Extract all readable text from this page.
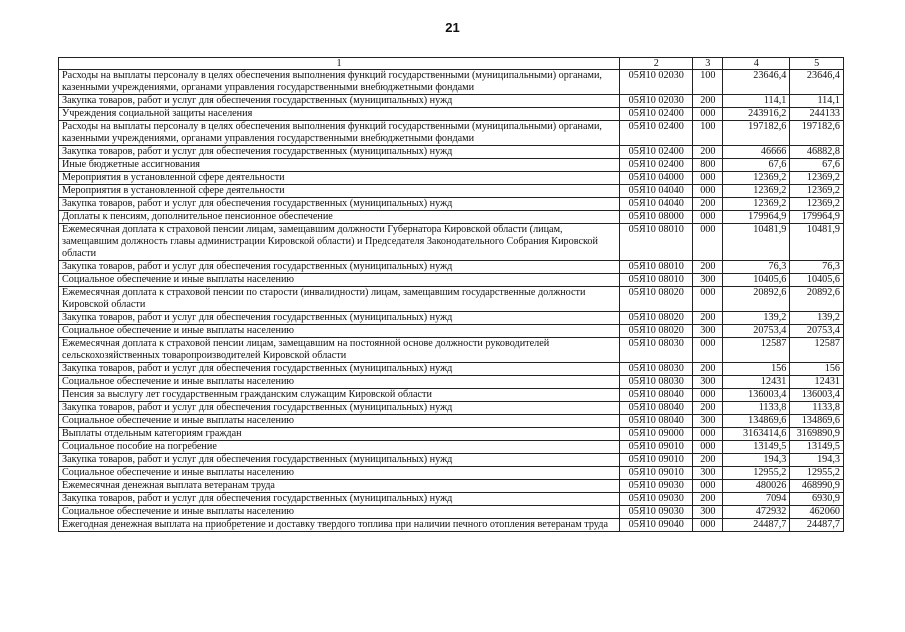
21
1	2	3	4	5
Расходы на выплаты персоналу в целях обеспечения выполнения функций государственными (муниципальными) органами, казенными учреждениями, органами управления государственными внебюджетными фондами	05Я10 02030	100	23646,4	23646,4
Закупка товаров, работ и услуг для обеспечения государственных (муниципальных) нужд	05Я10 02030	200	114,1	114,1
Учреждения социальной защиты населения	05Я10 02400	000	243916,2	244133
Расходы на выплаты персоналу в целях обеспечения выполнения функций государственными (муниципальными) органами, казенными учреждениями, органами управления государственными внебюджетными фондами	05Я10 02400	100	197182,6	197182,6
Закупка товаров, работ и услуг для обеспечения государственных (муниципальных) нужд	05Я10 02400	200	46666	46882,8
Иные бюджетные ассигнования	05Я10 02400	800	67,6	67,6
Мероприятия в установленной сфере деятельности	05Я10 04000	000	12369,2	12369,2
Мероприятия в установленной сфере деятельности	05Я10 04040	000	12369,2	12369,2
Закупка товаров, работ и услуг для обеспечения государственных (муниципальных) нужд	05Я10 04040	200	12369,2	12369,2
Доплаты к пенсиям, дополнительное пенсионное обеспечение	05Я10 08000	000	179964,9	179964,9
Ежемесячная доплата к страховой пенсии лицам, замещавшим должности Губернатора Кировской области (лицам, замещавшим должность главы администрации Кировской области) и Председателя Законодательного Собрания Кировской области	05Я10 08010	000	10481,9	10481,9
Закупка товаров, работ и услуг для обеспечения государственных (муниципальных) нужд	05Я10 08010	200	76,3	76,3
Социальное обеспечение и иные выплаты населению	05Я10 08010	300	10405,6	10405,6
Ежемесячная доплата к страховой пенсии по старости (инвалидности) лицам, замещавшим государственные должности Кировской области	05Я10 08020	000	20892,6	20892,6
Закупка товаров, работ и услуг для обеспечения государственных (муниципальных) нужд	05Я10 08020	200	139,2	139,2
Социальное обеспечение и иные выплаты населению	05Я10 08020	300	20753,4	20753,4
Ежемесячная доплата к страховой пенсии лицам, замещавшим на постоянной основе должности руководителей сельскохозяйственных товаропроизводителей Кировской области	05Я10 08030	000	12587	12587
Закупка товаров, работ и услуг для обеспечения государственных (муниципальных) нужд	05Я10 08030	200	156	156
Социальное обеспечение и иные выплаты населению	05Я10 08030	300	12431	12431
Пенсия за выслугу лет государственным гражданским служащим Кировской области	05Я10 08040	000	136003,4	136003,4
Закупка товаров, работ и услуг для обеспечения государственных (муниципальных) нужд	05Я10 08040	200	1133,8	1133,8
Социальное обеспечение и иные выплаты населению	05Я10 08040	300	134869,6	134869,6
Выплаты отдельным категориям граждан	05Я10 09000	000	3163414,6	3169890,9
Социальное пособие на погребение	05Я10 09010	000	13149,5	13149,5
Закупка товаров, работ и услуг для обеспечения государственных (муниципальных) нужд	05Я10 09010	200	194,3	194,3
Социальное обеспечение и иные выплаты населению	05Я10 09010	300	12955,2	12955,2
Ежемесячная денежная выплата ветеранам труда	05Я10 09030	000	480026	468990,9
Закупка товаров, работ и услуг для обеспечения государственных (муниципальных) нужд	05Я10 09030	200	7094	6930,9
Социальное обеспечение и иные выплаты населению	05Я10 09030	300	472932	462060
Ежегодная денежная выплата на приобретение и доставку твердого топлива при наличии печного отопления ветеранам труда	05Я10 09040	000	24487,7	24487,7
